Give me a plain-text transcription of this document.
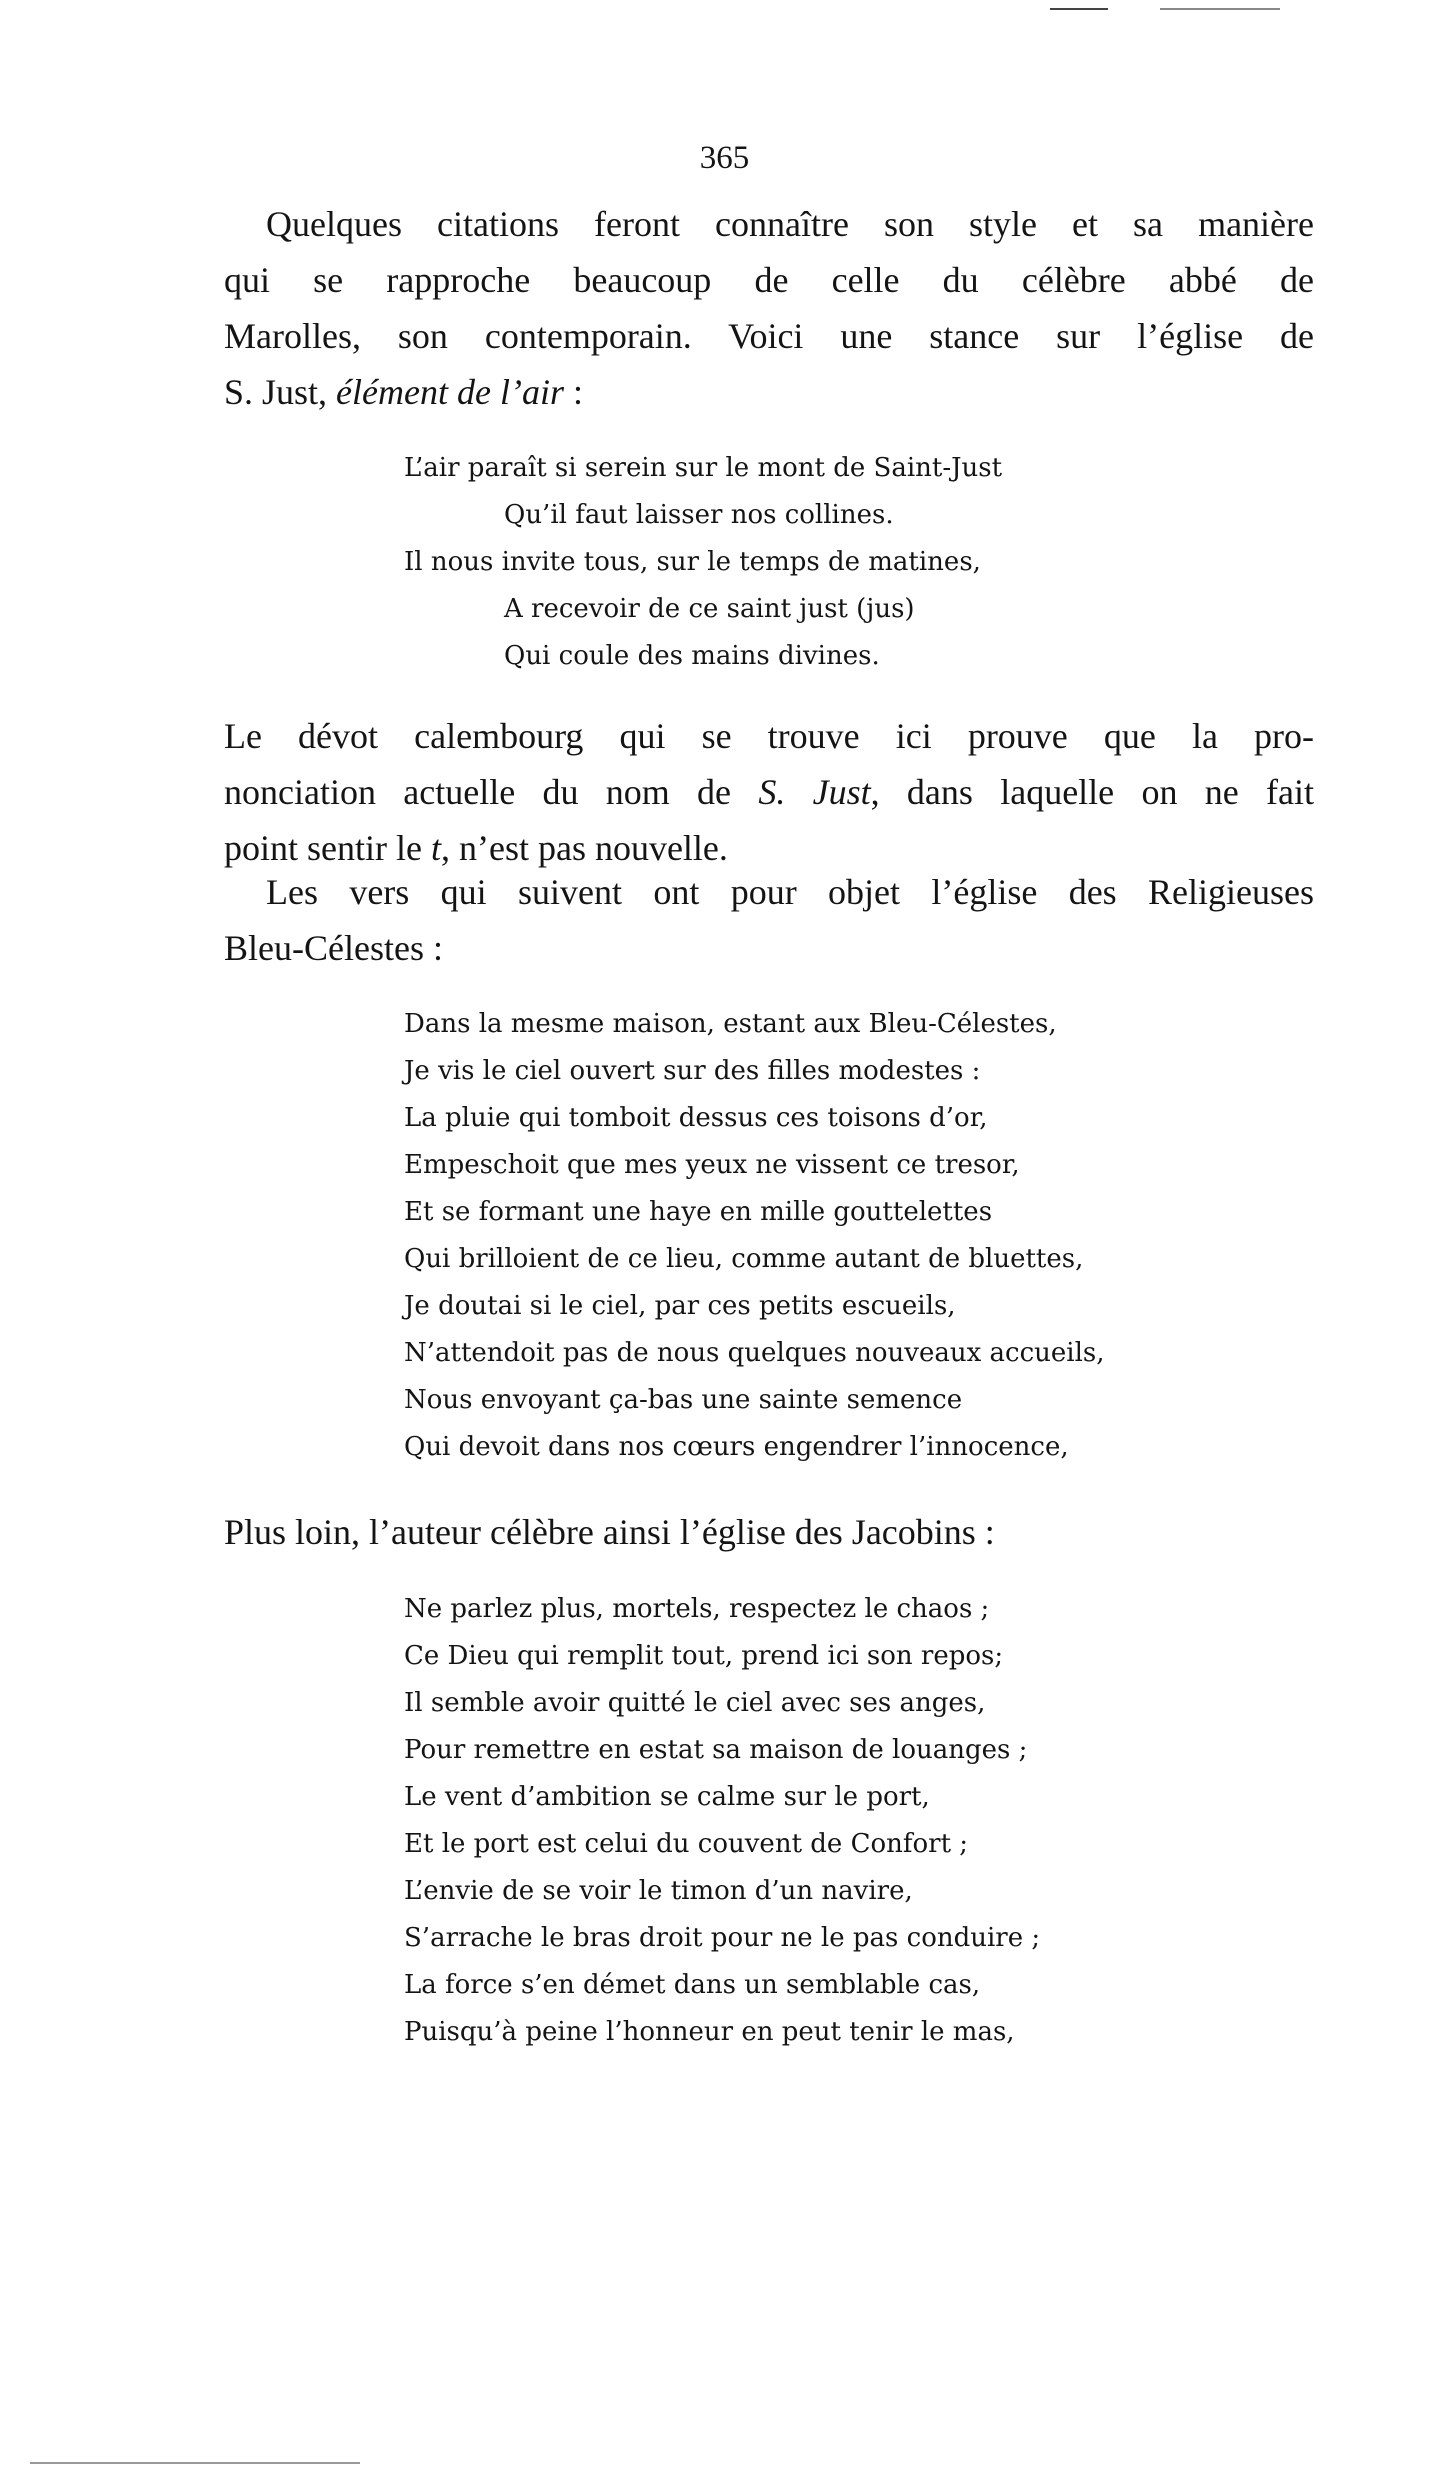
365
Quelques citations feront connaître son style et sa manière
qui se rapproche beaucoup de celle du célèbre abbé de
Marolles, son contemporain. Voici une stance sur l’église de
S. Just, élément de l’air :
L’air paraît si serein sur le mont de Saint-Just
Qu’il faut laisser nos collines.
Il nous invite tous, sur le temps de matines,
A recevoir de ce saint just (jus)
Qui coule des mains divines.
Le dévot calembourg qui se trouve ici prouve que la pro-
nonciation actuelle du nom de S. Just, dans laquelle on ne fait
point sentir le t, n’est pas nouvelle.
Les vers qui suivent ont pour objet l’église des Religieuses
Bleu-Célestes :
Dans la mesme maison, estant aux Bleu-Célestes,
Je vis le ciel ouvert sur des filles modestes :
La pluie qui tomboit dessus ces toisons d’or,
Empeschoit que mes yeux ne vissent ce tresor,
Et se formant une haye en mille gouttelettes
Qui brilloient de ce lieu, comme autant de bluettes,
Je doutai si le ciel, par ces petits escueils,
N’attendoit pas de nous quelques nouveaux accueils,
Nous envoyant ça-bas une sainte semence
Qui devoit dans nos cœurs engendrer l’innocence,
Plus loin, l’auteur célèbre ainsi l’église des Jacobins :
Ne parlez plus, mortels, respectez le chaos ;
Ce Dieu qui remplit tout, prend ici son repos;
Il semble avoir quitté le ciel avec ses anges,
Pour remettre en estat sa maison de louanges ;
Le vent d’ambition se calme sur le port,
Et le port est celui du couvent de Confort ;
L’envie de se voir le timon d’un navire,
S’arrache le bras droit pour ne le pas conduire ;
La force s’en démet dans un semblable cas,
Puisqu’à peine l’honneur en peut tenir le mas,
